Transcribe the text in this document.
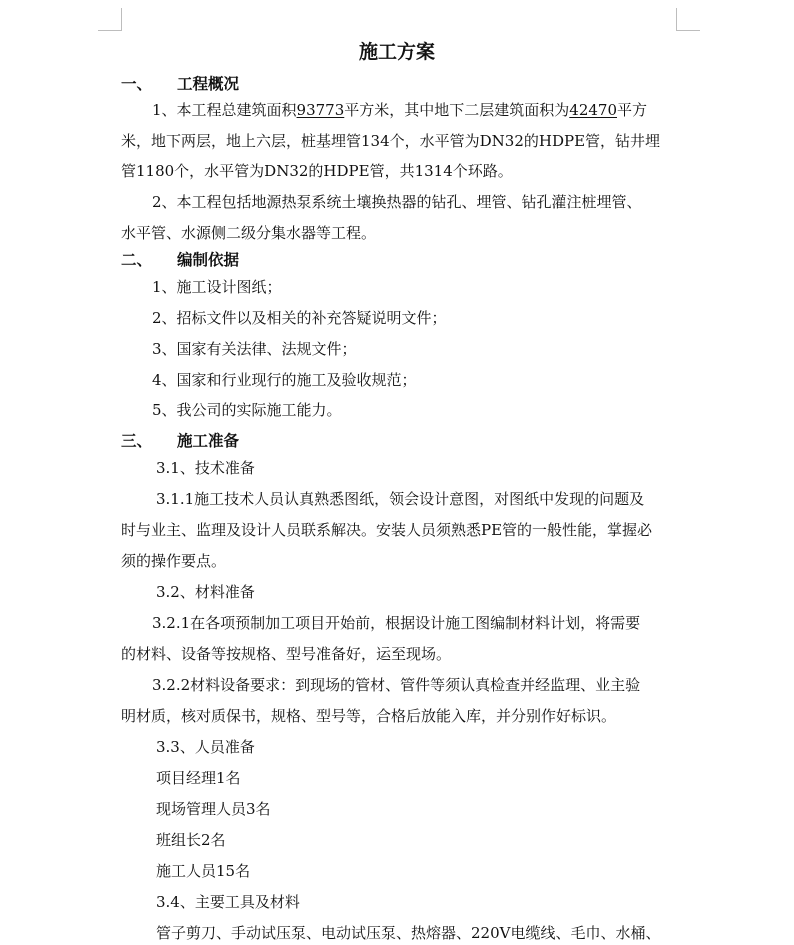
施工方案
一、 工程概况
1、本工程总建筑面积93773平方米，其中地下二层建筑面积为42470平方
米，地下两层，地上六层，桩基埋管134个，水平管为DN32的HDPE管，钻井埋
管1180个，水平管为DN32的HDPE管，共1314个环路。
2、本工程包括地源热泵系统土壤换热器的钻孔、埋管、钻孔灌注桩埋管、
水平管、水源侧二级分集水器等工程。
二、 编制依据
1、施工设计图纸；
2、招标文件以及相关的补充答疑说明文件；
3、国家有关法律、法规文件；
4、国家和行业现行的施工及验收规范；
5、我公司的实际施工能力。
三、 施工准备
3.1、技术准备
3.1.1施工技术人员认真熟悉图纸，领会设计意图，对图纸中发现的问题及
时与业主、监理及设计人员联系解决。安装人员须熟悉PE管的一般性能，掌握必
须的操作要点。
3.2、材料准备
3.2.1在各项预制加工项目开始前，根据设计施工图编制材料计划，将需要
的材料、设备等按规格、型号准备好，运至现场。
3.2.2材料设备要求：到现场的管材、管件等须认真检查并经监理、业主验
明材质，核对质保书，规格、型号等，合格后放能入库，并分别作好标识。
3.3、人员准备
项目经理1名
现场管理人员3名
班组长2名
施工人员15名
3.4、主要工具及材料
管子剪刀、手动试压泵、电动试压泵、热熔器、220V电缆线、毛巾、水桶、
